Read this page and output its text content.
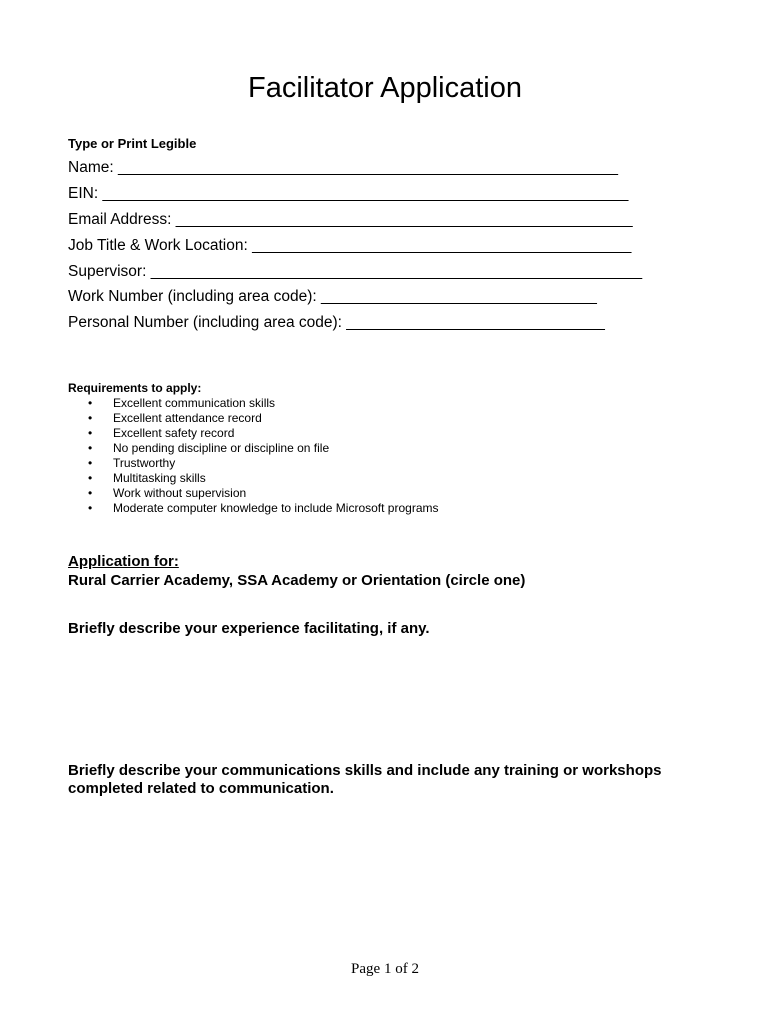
Facilitator Application
Type or Print Legible
Name: __________________________________________________________
EIN: _____________________________________________________________
Email Address: _____________________________________________________
Job Title & Work Location: ____________________________________________
Supervisor: _________________________________________________________
Work Number (including area code): ________________________________
Personal Number (including area code): ______________________________
Requirements to apply:
• Excellent communication skills
• Excellent attendance record
• Excellent safety record
• No pending discipline or discipline on file
• Trustworthy
• Multitasking skills
• Work without supervision
• Moderate computer knowledge to include Microsoft programs
Application for:
Rural Carrier Academy, SSA Academy or Orientation (circle one)
Briefly describe your experience facilitating, if any.
Briefly describe your communications skills and include any training or workshops completed related to communication.
Page 1 of 2
